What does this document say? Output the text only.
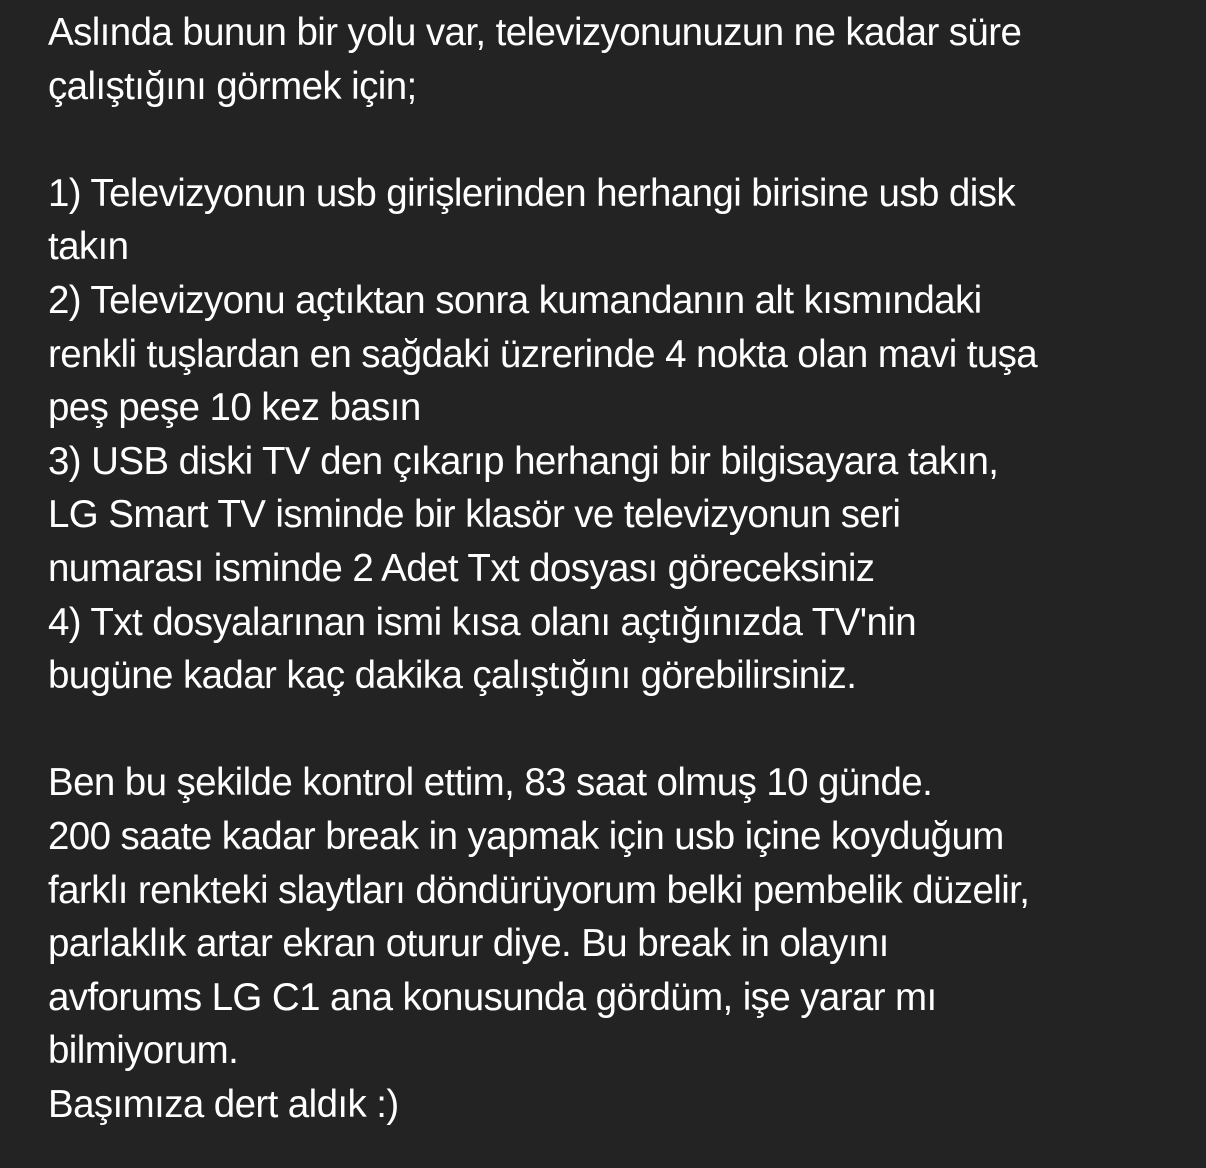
Aslında bunun bir yolu var, televizyonunuzun ne kadar süre
çalıştığını görmek için;
1) Televizyonun usb girişlerinden herhangi birisine usb disk
takın
2) Televizyonu açtıktan sonra kumandanın alt kısmındaki
renkli tuşlardan en sağdaki üzrerinde 4 nokta olan mavi tuşa
peş peşe 10 kez basın
3) USB diski TV den çıkarıp herhangi bir bilgisayara takın,
LG Smart TV isminde bir klasör ve televizyonun seri
numarası isminde 2 Adet Txt dosyası göreceksiniz
4) Txt dosyalarınan ismi kısa olanı açtığınızda TV'nin
bugüne kadar kaç dakika çalıştığını görebilirsiniz.
Ben bu şekilde kontrol ettim, 83 saat olmuş 10 günde.
200 saate kadar break in yapmak için usb içine koyduğum
farklı renkteki slaytları döndürüyorum belki pembelik düzelir,
parlaklık artar ekran oturur diye. Bu break in olayını
avforums LG C1 ana konusunda gördüm, işe yarar mı
bilmiyorum.
Başımıza dert aldık :)
